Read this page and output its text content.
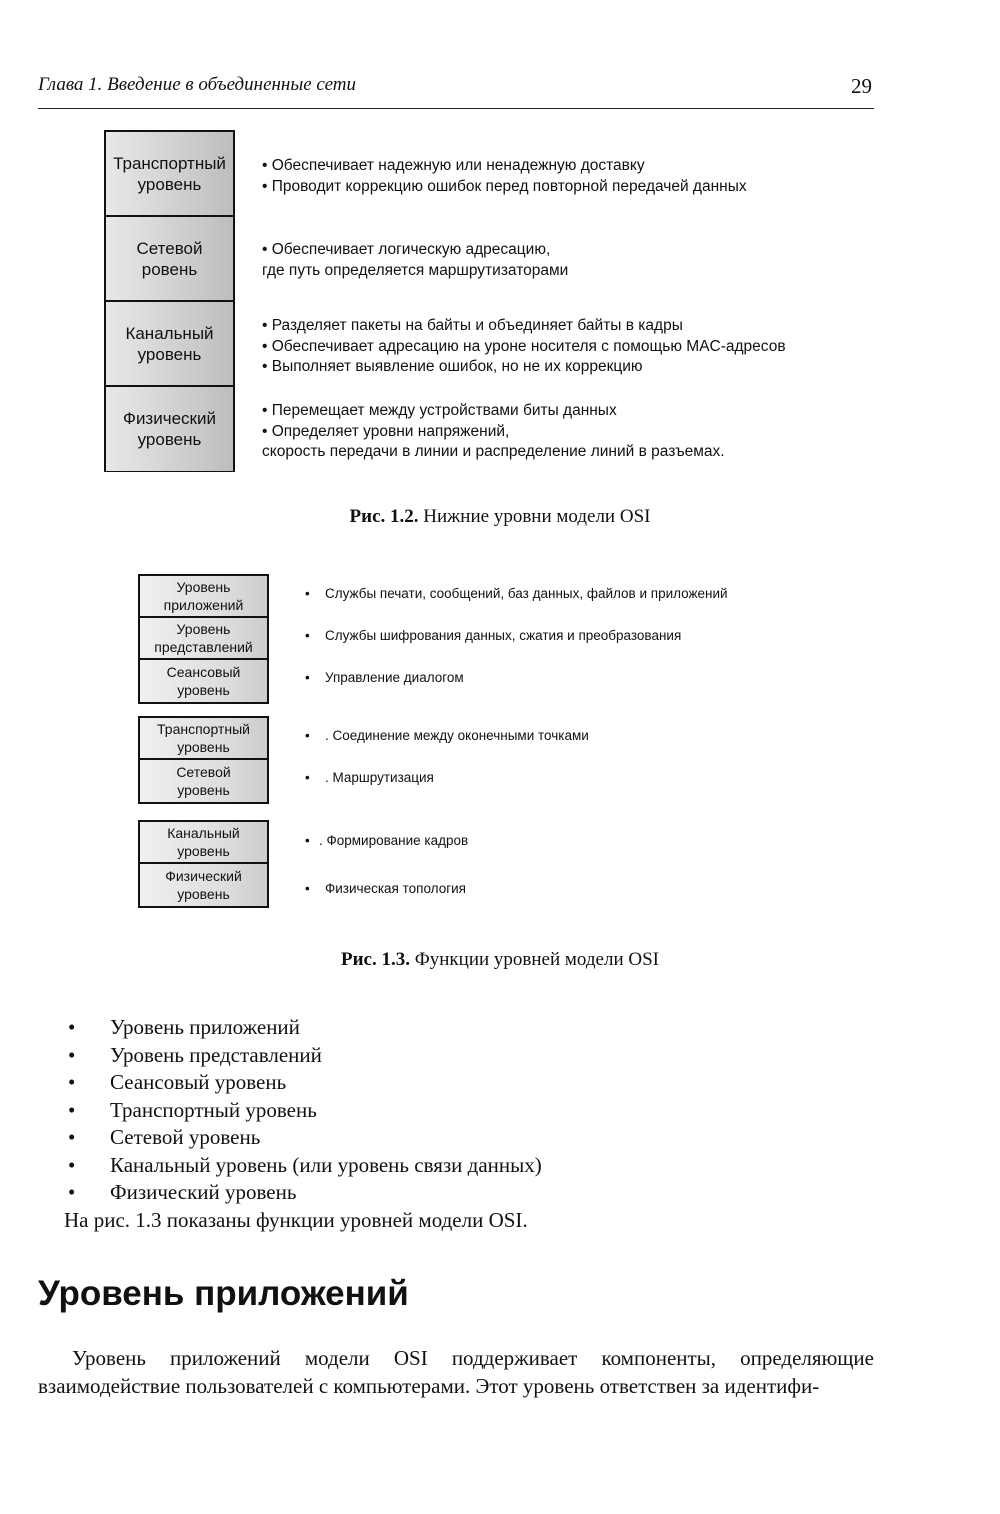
Глава 1. Введение в объединенные сети	29
Транспортный
уровень
Сетевой
ровень
Канальный
уровень
Физический
уровень
• Обеспечивает надежную или ненадежную доставку
• Проводит коррекцию ошибок перед повторной передачей данных
• Обеспечивает логическую адресацию,
где путь определяется маршрутизаторами
• Разделяет пакеты на байты и объединяет байты в кадры
• Обеспечивает адресацию на уроне носителя с помощью MAC-адресов
• Выполняет выявление ошибок, но не их коррекцию
• Перемещает между устройствами биты данных
• Определяет уровни напряжений,
скорость передачи в линии и распределение линий в разъемах.
Рис. 1.2. Нижние уровни модели OSI
Уровень
приложений
Уровень
представлений
Сеансовый
уровень
Транспортный
уровень
Сетевой
уровень
Канальный
уровень
Физический
уровень
• Службы печати, сообщений, баз данных, файлов и приложений
• Службы шифрования данных, сжатия и преобразования
• Управление диалогом
• . Соединение между оконечными точками
• . Маршрутизация
• . Формирование кадров
• Физическая топология
Рис. 1.3. Функции уровней модели OSI
• Уровень приложений
• Уровень представлений
• Сеансовый уровень
• Транспортный уровень
• Сетевой уровень
• Канальный уровень (или уровень связи данных)
• Физический уровень
На рис. 1.3 показаны функции уровней модели OSI.
Уровень приложений
Уровень приложений модели OSI поддерживает компоненты, определяющие взаимодействие пользователей с компьютерами. Этот уровень ответствен за идентифи-
